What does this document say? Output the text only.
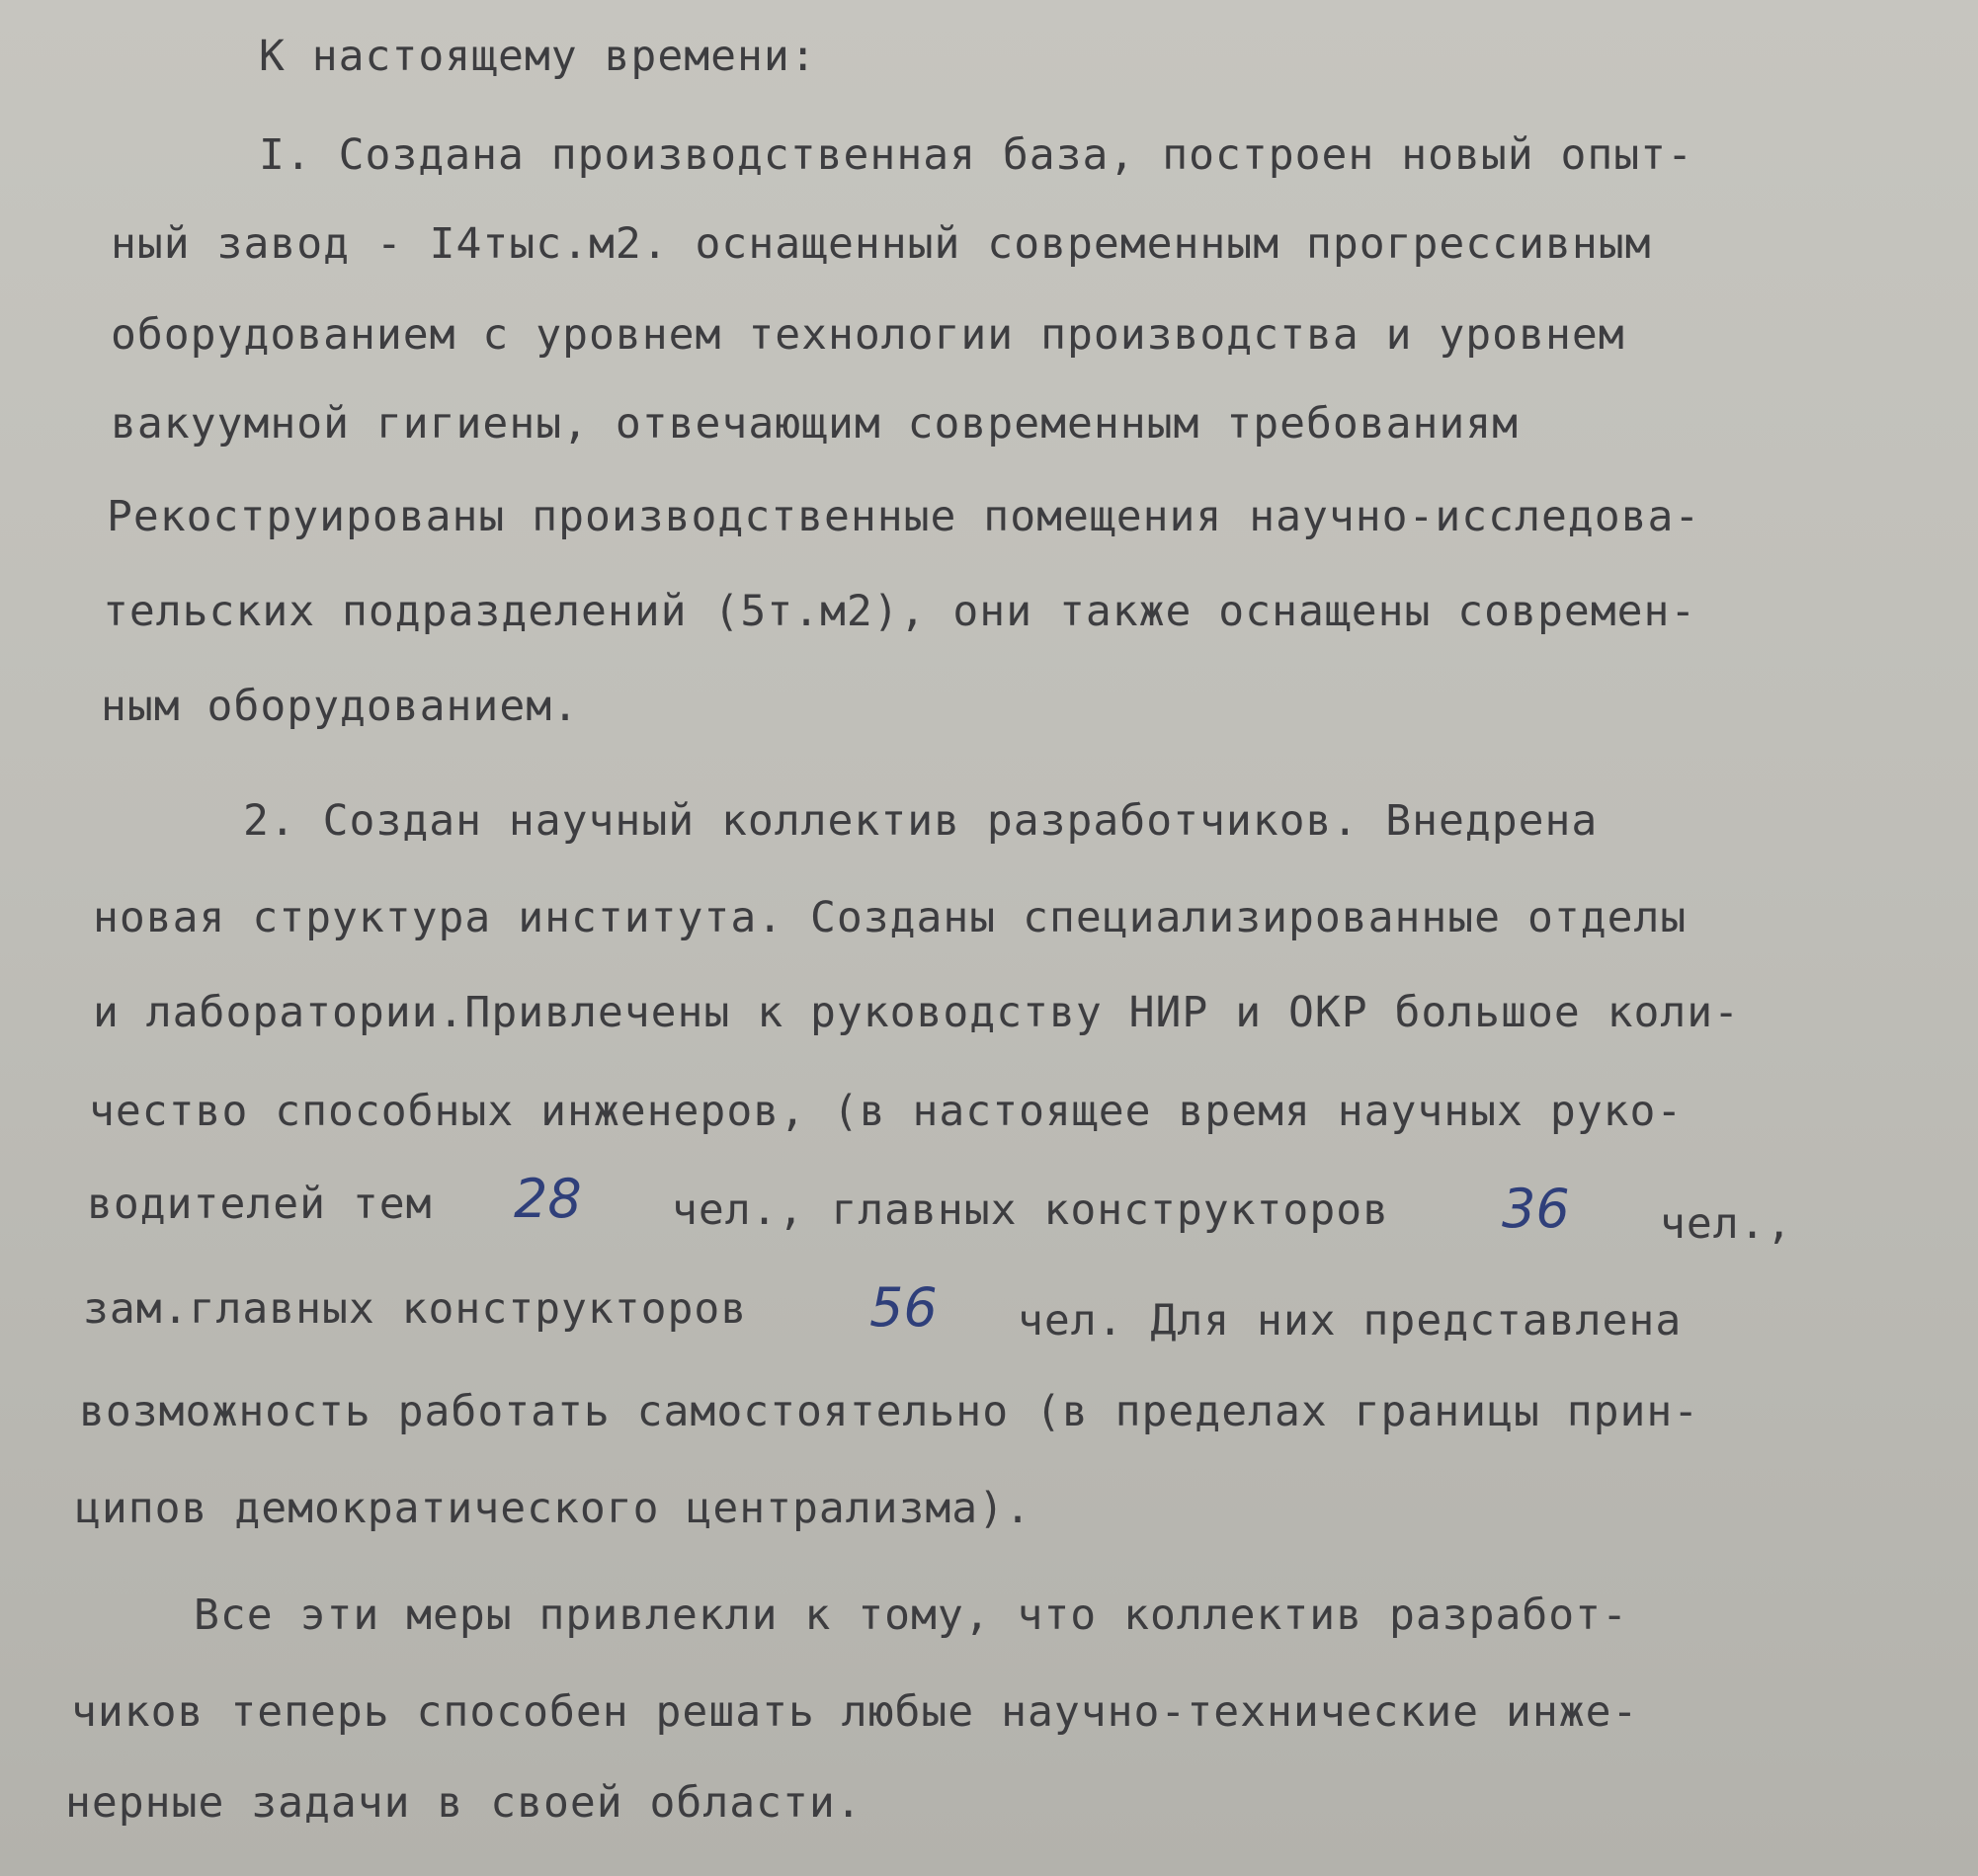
К настоящему времени:
I. Создана производственная база, построен новый опыт-
ный завод - I4тыс.м2. оснащенный современным прогрессивным
оборудованием с уровнем технологии производства и уровнем
вакуумной гигиены, отвечающим современным требованиям
Рекоструированы производственные помещения научно-исследова-
тельских подразделений (5т.м2), они также оснащены современ-
ным оборудованием.
2. Создан научный коллектив разработчиков. Внедрена
новая структура института. Созданы специализированные отделы
и лаборатории.Привлечены к руководству НИР и ОКР большое коли-
чество способных инженеров, (в настоящее время научных руко-
водителей тем 28 чел., главных конструкторов 36 чел.,
зам.главных конструкторов 56 чел. Для них представлена
возможность работать самостоятельно (в пределах границы прин-
ципов демократического централизма).
Все эти меры привлекли к тому, что коллектив разработ-
чиков теперь способен решать любые научно-технические инже-
нерные задачи в своей области.
